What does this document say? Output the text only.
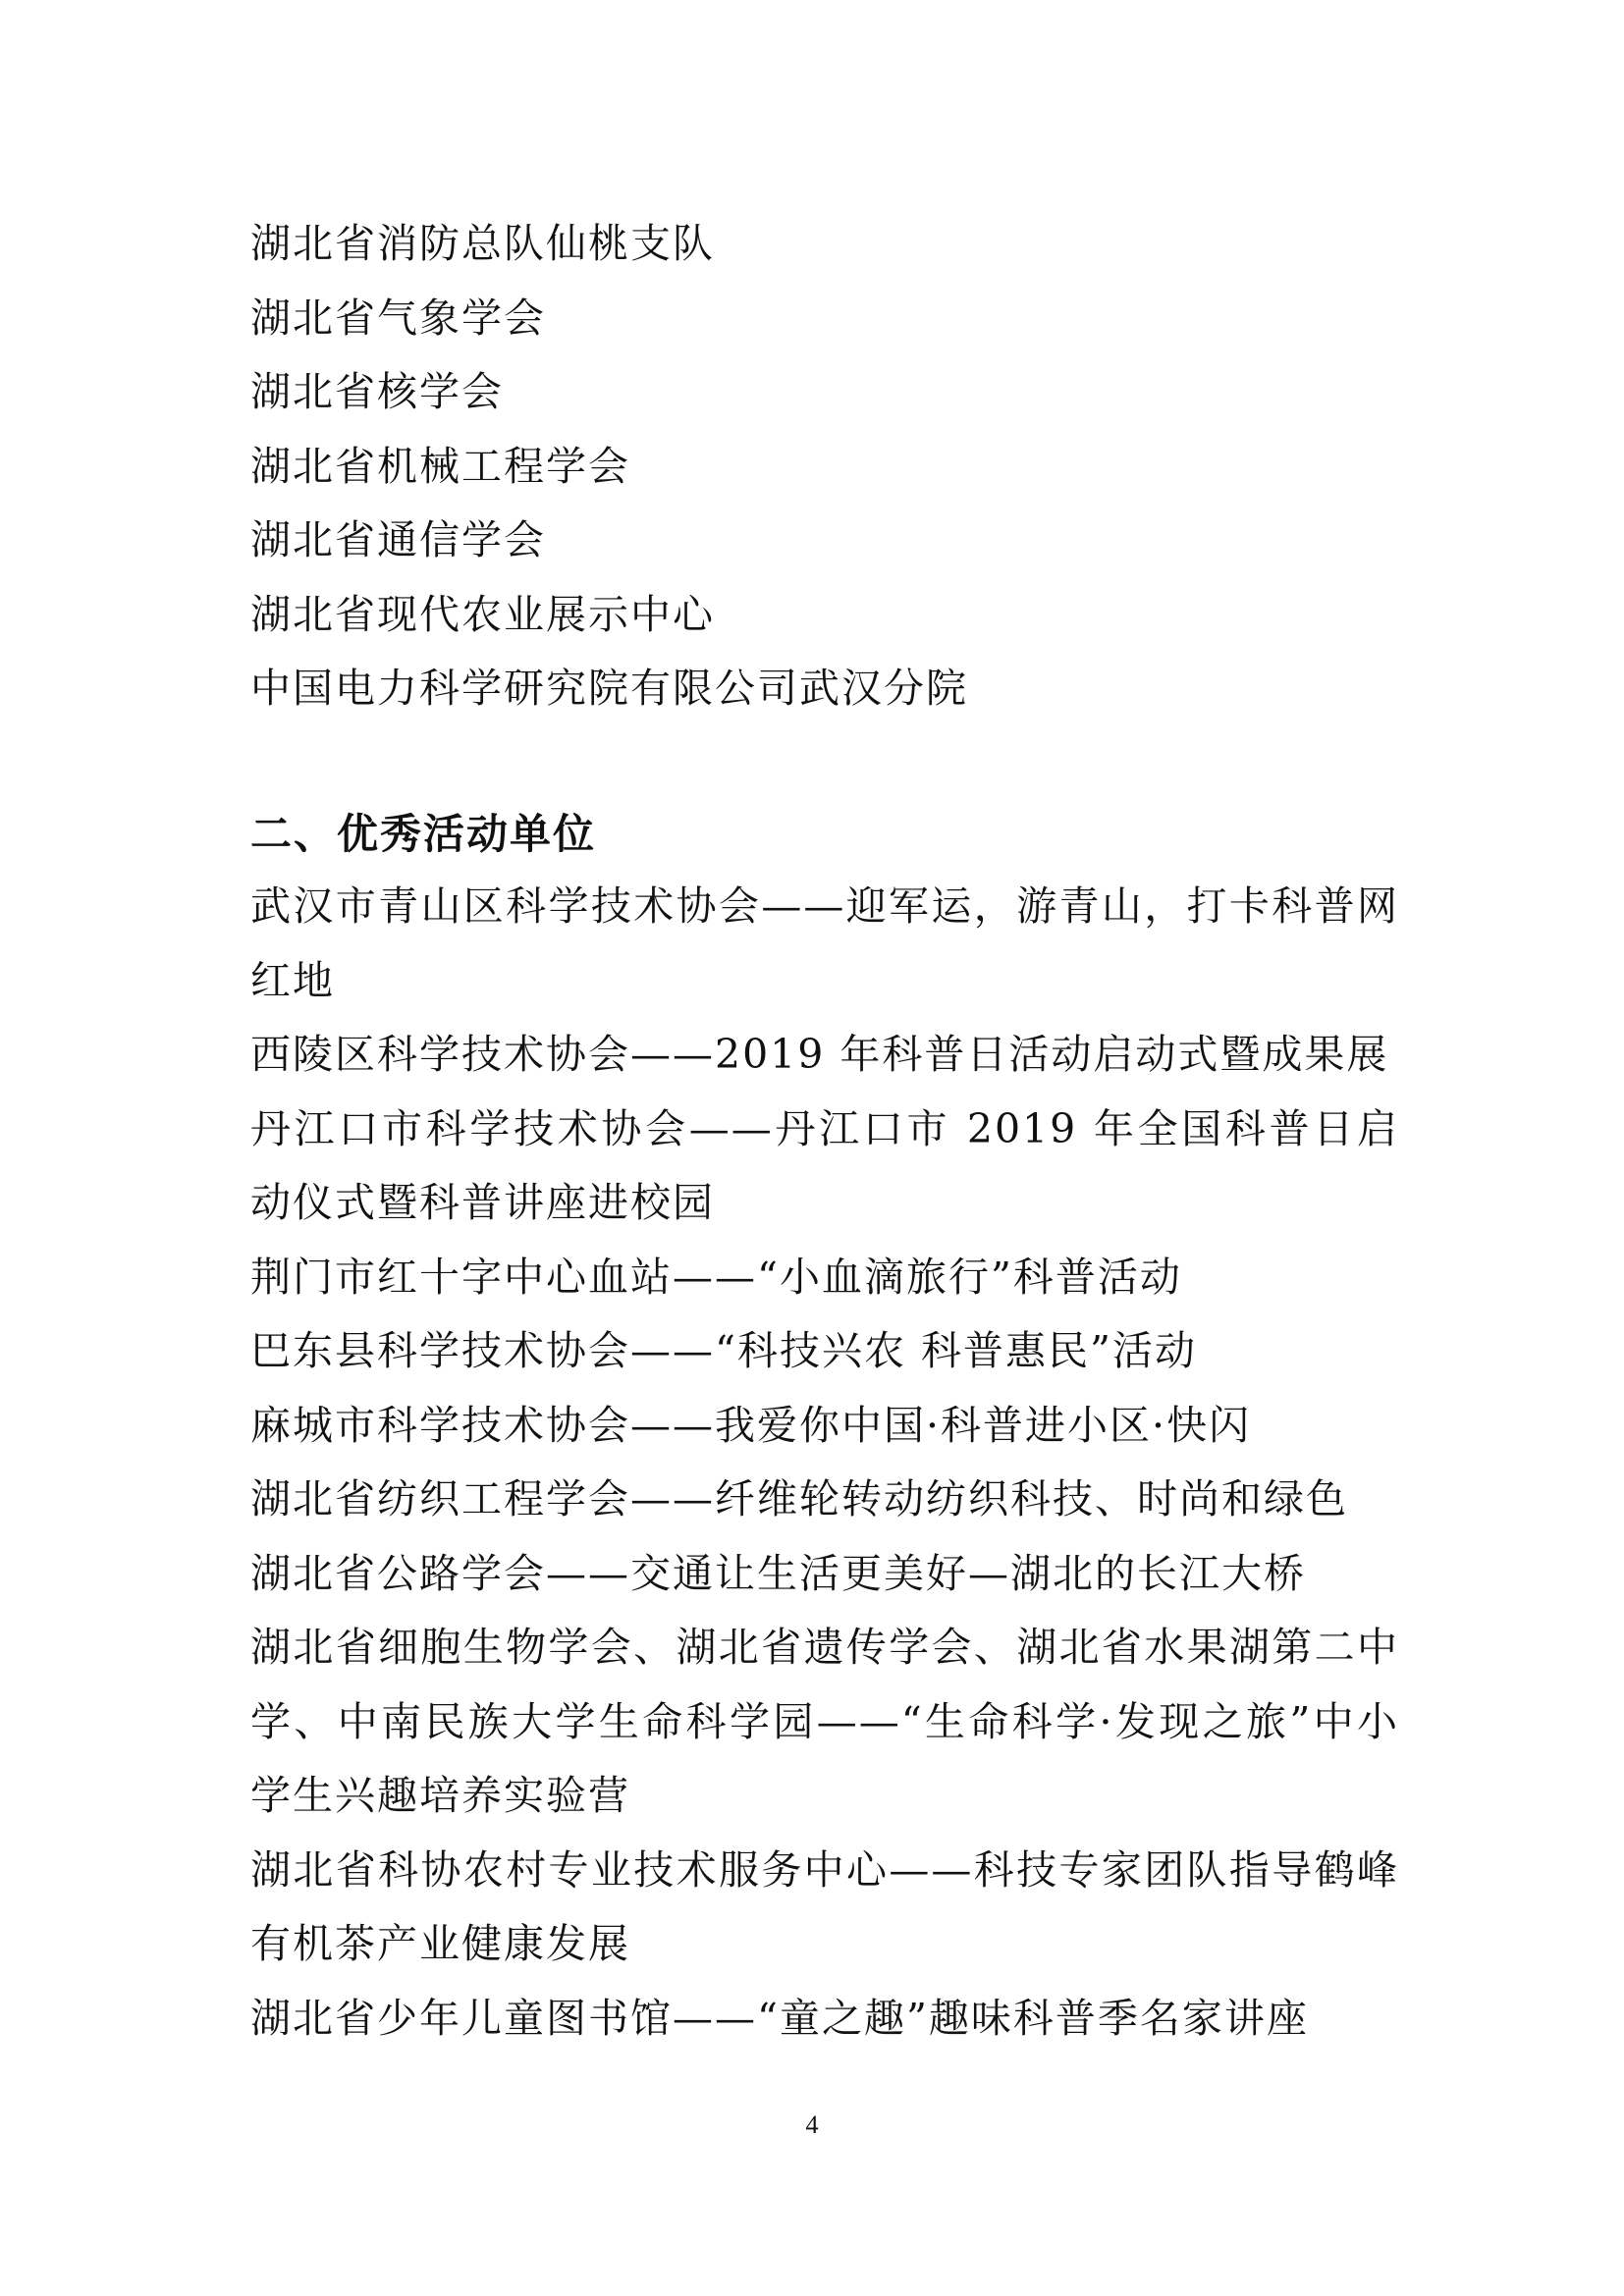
湖北省消防总队仙桃支队
湖北省气象学会
湖北省核学会
湖北省机械工程学会
湖北省通信学会
湖北省现代农业展示中心
中国电力科学研究院有限公司武汉分院
二、优秀活动单位
武汉市青山区科学技术协会——迎军运，游青山，打卡科普网红地
西陵区科学技术协会——2019 年科普日活动启动式暨成果展
丹江口市科学技术协会——丹江口市 2019 年全国科普日启动仪式暨科普讲座进校园
荆门市红十字中心血站——“小血滴旅行”科普活动
巴东县科学技术协会——“科技兴农 科普惠民”活动
麻城市科学技术协会——我爱你中国·科普进小区·快闪
湖北省纺织工程学会——纤维轮转动纺织科技、时尚和绿色
湖北省公路学会——交通让生活更美好—湖北的长江大桥
湖北省细胞生物学会、湖北省遗传学会、湖北省水果湖第二中学、中南民族大学生命科学园——“生命科学·发现之旅”中小学生兴趣培养实验营
湖北省科协农村专业技术服务中心——科技专家团队指导鹤峰有机茶产业健康发展
湖北省少年儿童图书馆——“童之趣”趣味科普季名家讲座
4
